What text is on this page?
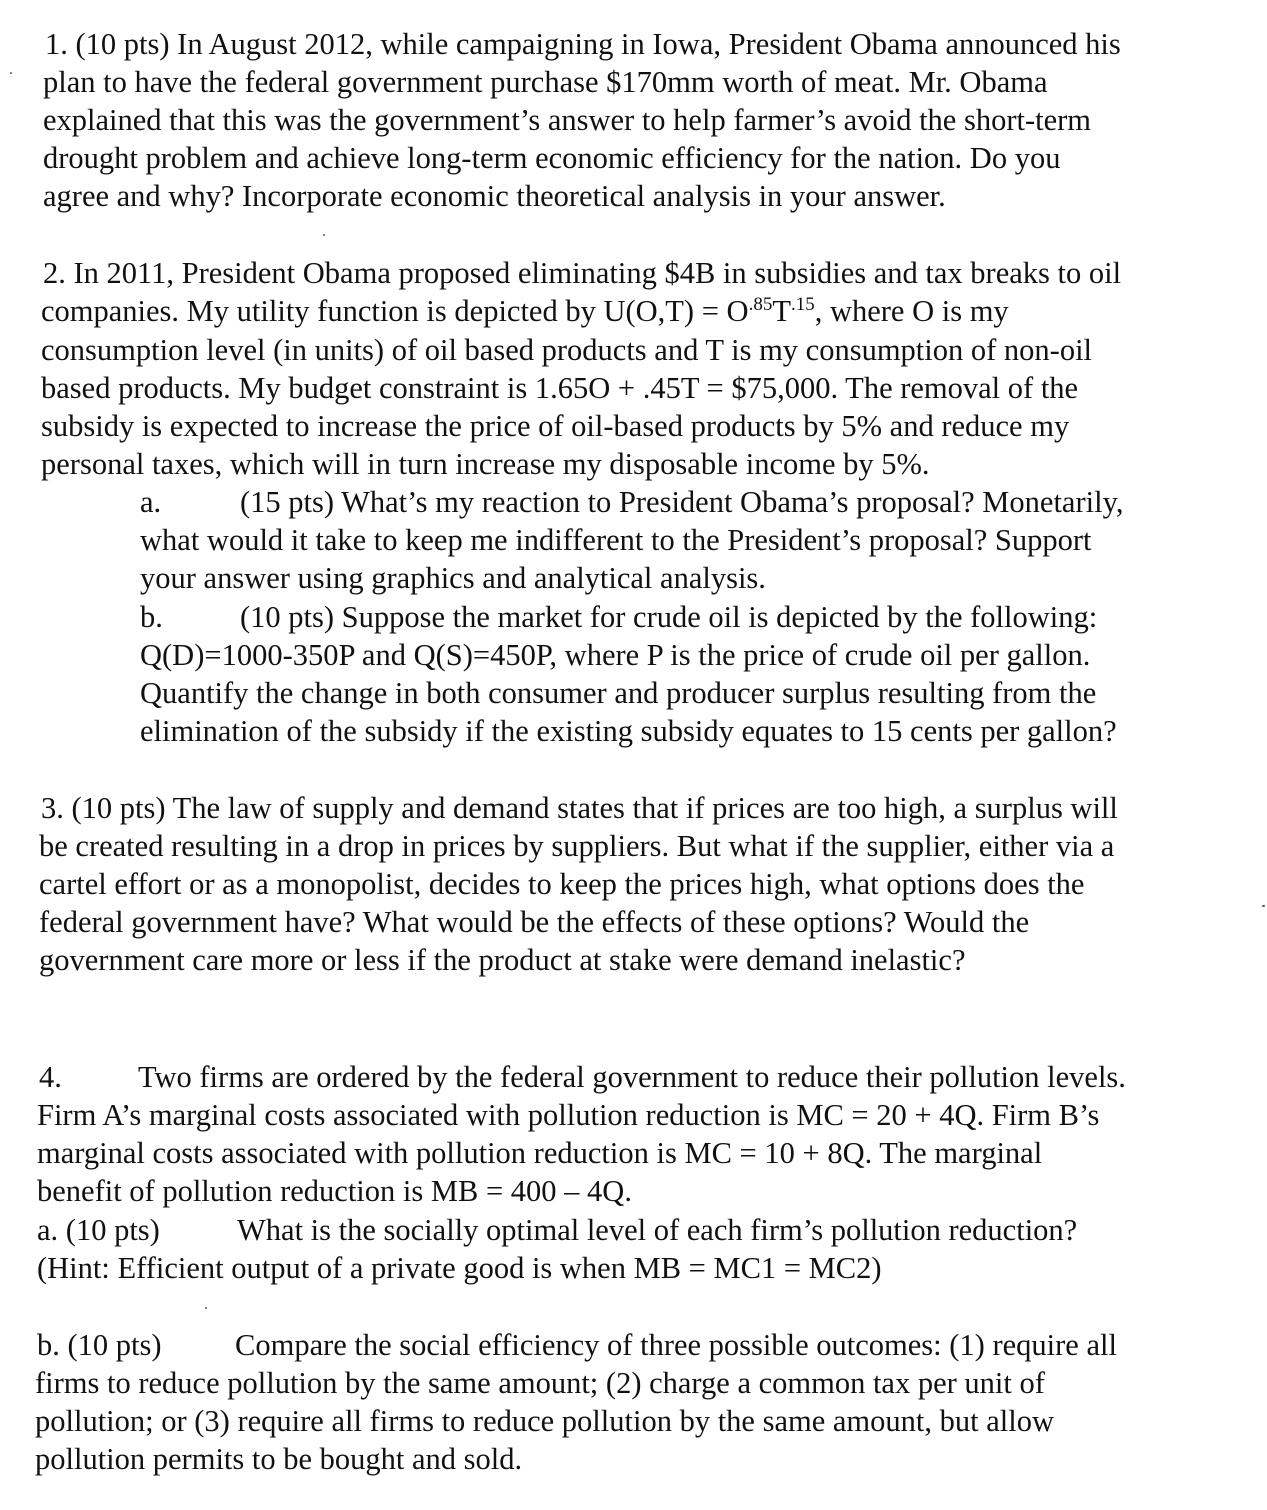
1. (10 pts) In August 2012, while campaigning in Iowa, President Obama announced his
plan to have the federal government purchase $170mm worth of meat. Mr. Obama
explained that this was the government’s answer to help farmer’s avoid the short-term
drought problem and achieve long-term economic efficiency for the nation. Do you
agree and why? Incorporate economic theoretical analysis in your answer.
2. In 2011, President Obama proposed eliminating $4B in subsidies and tax breaks to oil
companies. My utility function is depicted by $U(O,T) = O^{.85}T^{.15}$, where O is my
consumption level (in units) of oil based products and T is my consumption of non-oil
based products. My budget constraint is 1.65O + .45T = $75,000. The removal of the
subsidy is expected to increase the price of oil-based products by 5% and reduce my
personal taxes, which will in turn increase my disposable income by 5%.
a.	(15 pts) What’s my reaction to President Obama’s proposal? Monetarily,
what would it take to keep me indifferent to the President’s proposal? Support
your answer using graphics and analytical analysis.
b.	(10 pts) Suppose the market for crude oil is depicted by the following:
Q(D)=1000-350P and Q(S)=450P, where P is the price of crude oil per gallon.
Quantify the change in both consumer and producer surplus resulting from the
elimination of the subsidy if the existing subsidy equates to 15 cents per gallon?
3. (10 pts) The law of supply and demand states that if prices are too high, a surplus will
be created resulting in a drop in prices by suppliers. But what if the supplier, either via a
cartel effort or as a monopolist, decides to keep the prices high, what options does the
federal government have? What would be the effects of these options? Would the
government care more or less if the product at stake were demand inelastic?
4. Two firms are ordered by the federal government to reduce their pollution levels.
Firm A’s marginal costs associated with pollution reduction is MC = 20 + 4Q. Firm B’s
marginal costs associated with pollution reduction is MC = 10 + 8Q. The marginal
benefit of pollution reduction is MB = 400 – 4Q.
a. (10 pts)	What is the socially optimal level of each firm’s pollution reduction?
(Hint: Efficient output of a private good is when MB = MC1 = MC2)
b. (10 pts) Compare the social efficiency of three possible outcomes: (1) require all
firms to reduce pollution by the same amount; (2) charge a common tax per unit of
pollution; or (3) require all firms to reduce pollution by the same amount, but allow
pollution permits to be bought and sold.
